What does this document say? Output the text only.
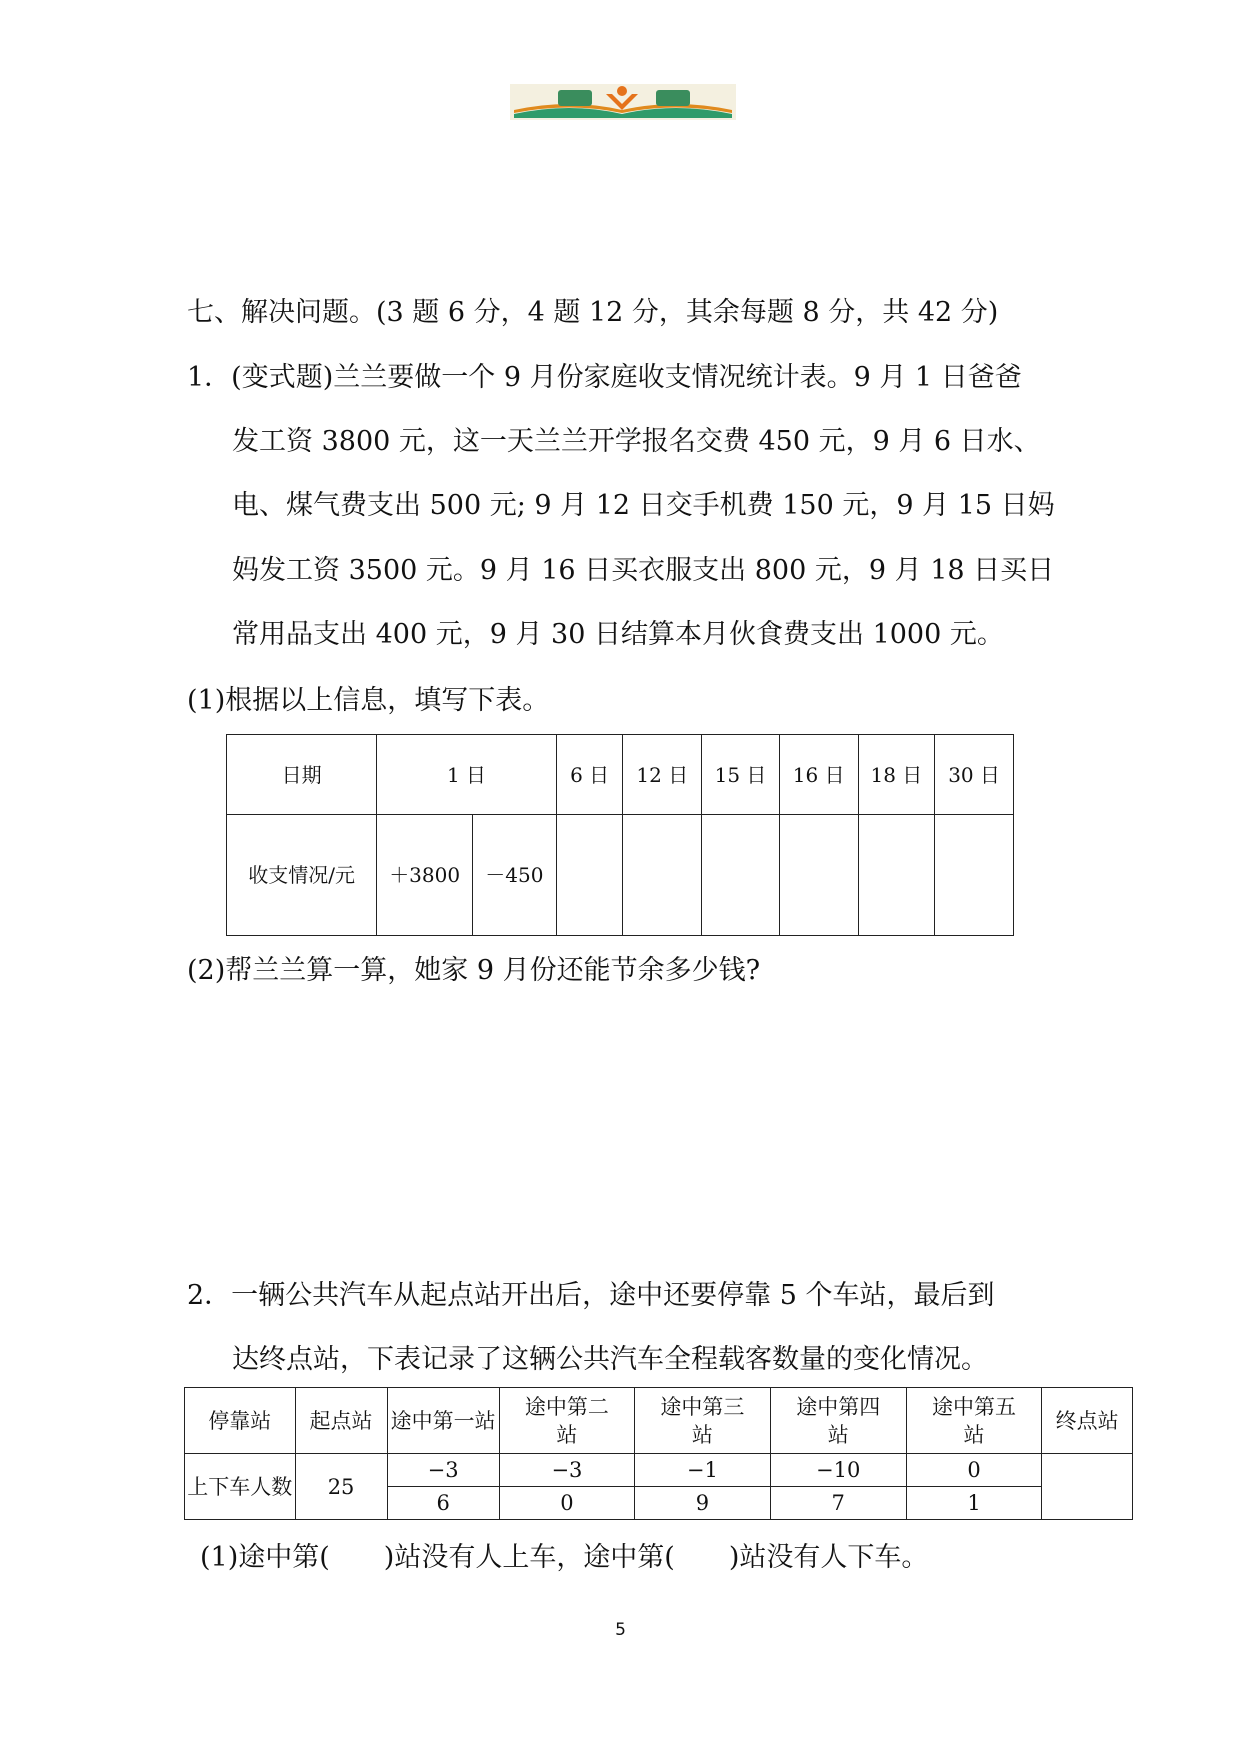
七、解决问题。(3 题 6 分，4 题 12 分，其余每题 8 分，共 42 分)
1．(变式题)兰兰要做一个 9 月份家庭收支情况统计表。9 月 1 日爸爸
发工资 3800 元，这一天兰兰开学报名交费 450 元，9 月 6 日水、
电、煤气费支出 500 元; 9 月 12 日交手机费 150 元，9 月 15 日妈
妈发工资 3500 元。9 月 16 日买衣服支出 800 元，9 月 18 日买日
常用品支出 400 元，9 月 30 日结算本月伙食费支出 1000 元。
(1)根据以上信息，填写下表。
日期	1 日		6 日	12 日	15 日	16 日	18 日	30 日
收支情况/元	＋3800	－450						
(2)帮兰兰算一算，她家 9 月份还能节余多少钱?
2．一辆公共汽车从起点站开出后，途中还要停靠 5 个车站，最后到
达终点站，下表记录了这辆公共汽车全程载客数量的变化情况。
停靠站	起点站	途中第一站	途中第二站	途中第三站	途中第四站	途中第五站	终点站
上下车人数	25	−3	−3	−1	−10	0	
		6	0	9	7	1	
(1)途中第(　　)站没有人上车，途中第(　　)站没有人下车。
5
